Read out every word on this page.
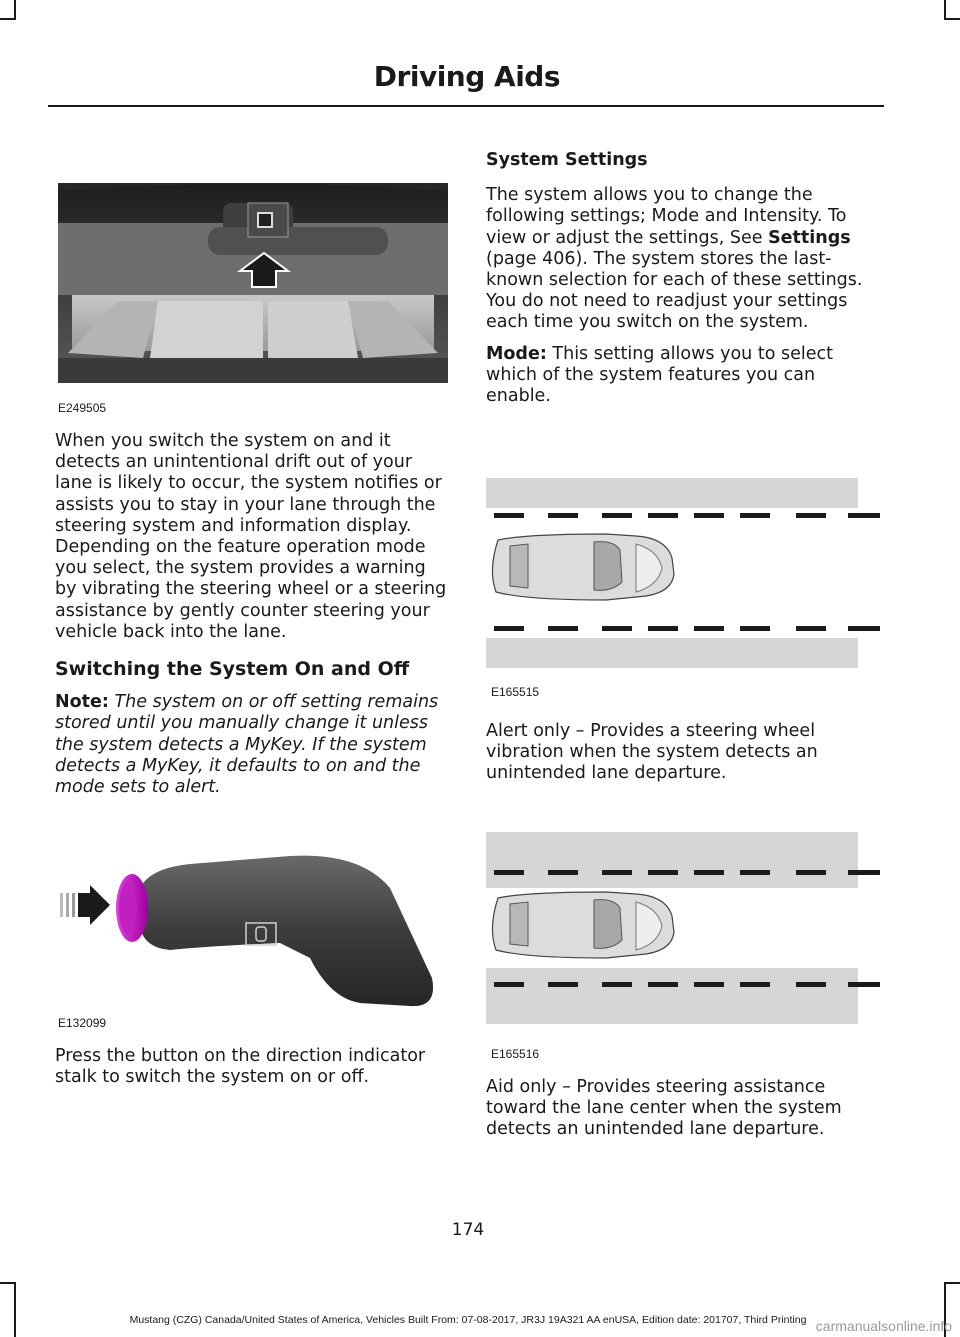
Driving Aids
E249505

When you switch the system on and it detects an unintentional drift out of your lane is likely to occur, the system notifies or assists you to stay in your lane through the steering system and information display. Depending on the feature operation mode you select, the system provides a warning by vibrating the steering wheel or a steering assistance by gently counter steering your vehicle back into the lane.

Switching the System On and Off

Note: The system on or off setting remains stored until you manually change it unless the system detects a MyKey. If the system detects a MyKey, it defaults to on and the mode sets to alert.

E132099

Press the button on the direction indicator stalk to switch the system on or off.

System Settings

The system allows you to change the following settings; Mode and Intensity. To view or adjust the settings, See Settings (page 406). The system stores the last-known selection for each of these settings. You do not need to readjust your settings each time you switch on the system.

Mode: This setting allows you to select which of the system features you can enable.

E165515

Alert only – Provides a steering wheel vibration when the system detects an unintended lane departure.

E165516

Aid only – Provides steering assistance toward the lane center when the system detects an unintended lane departure.

174
Mustang (CZG) Canada/United States of America, Vehicles Built From: 07-08-2017, JR3J 19A321 AA enUSA, Edition date: 201707, Third Printing carmanualsonline.info
